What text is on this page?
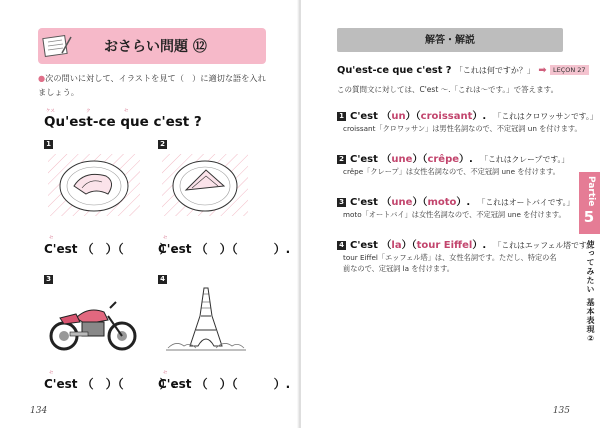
おさらい問題 ⑫
●次の問いに対して、イラストを見て（　）に適切な語を入れましょう。
ケス	ク	セ
Qu'est-ce que c'est ?
1
セ
C'est （　）（　　　）.
2
セ
C'est （　）（　　　）.
3
セ
C'est （　）（　　　）.
4
セ
C'est （　）（　　　）.
134
解答・解説
Qu'est-ce que c'est ? 「これは何ですか？」 ➡ LEÇON 27
この質問文に対しては、C'est ～.「これは～です。」で答えます。
1 C'est （un）（croissant）. 「これはクロワッサンです。」
croissant「クロワッサン」は男性名詞なので、不定冠詞 un を付けます。
2 C'est （une）（crêpe）. 「これはクレープです。」
crêpe「クレープ」は女性名詞なので、不定冠詞 une を付けます。
3 C'est （une）（moto）. 「これはオートバイです。」
moto「オートバイ」は女性名詞なので、不定冠詞 une を付けます。
4 C'est （la）（tour Eiffel）. 「これはエッフェル塔です。」
tour Eiffel「エッフェル塔」は、女性名詞です。ただし、特定の名前なので、定冠詞 la を付けます。
Partie
5
使ってみたい 基本表現②
135
